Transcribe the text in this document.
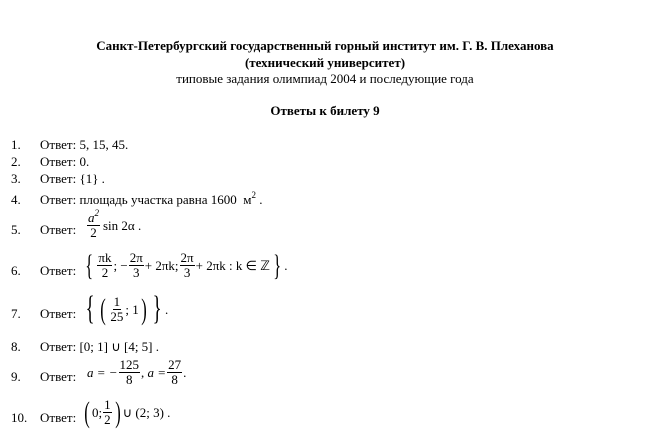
Санкт-Петербургский государственный горный институт им. Г. В. Плеханова
(технический университет)
типовые задания олимпиад 2004 и последующие года
Ответы к билету 9
1. Ответ: 5, 15, 45.
2. Ответ: 0.
3. Ответ: {1} .
4. Ответ: площадь участка равна 1600 $м^2$ .
5. Ответ: $\frac{a^2}{2}$ sin 2α .
6. Ответ: { $\frac{\pi k}{2}$ ; − $\frac{2\pi}{3} + 2\pi k$; $\frac{2\pi}{3} + 2\pi k$ : k ∈ ℤ } .
7. Ответ: { ( $\frac{1}{25}$ ; 1 ) } .
8. Ответ: [0; 1] ∪ [4; 5] .
9. Ответ: a = − $\frac{125}{8}$ ,
$a = \frac{27}{8}$ .
10. Ответ: ( 0; $\frac{1}{2}$ ) ∪ (2; 3) .
